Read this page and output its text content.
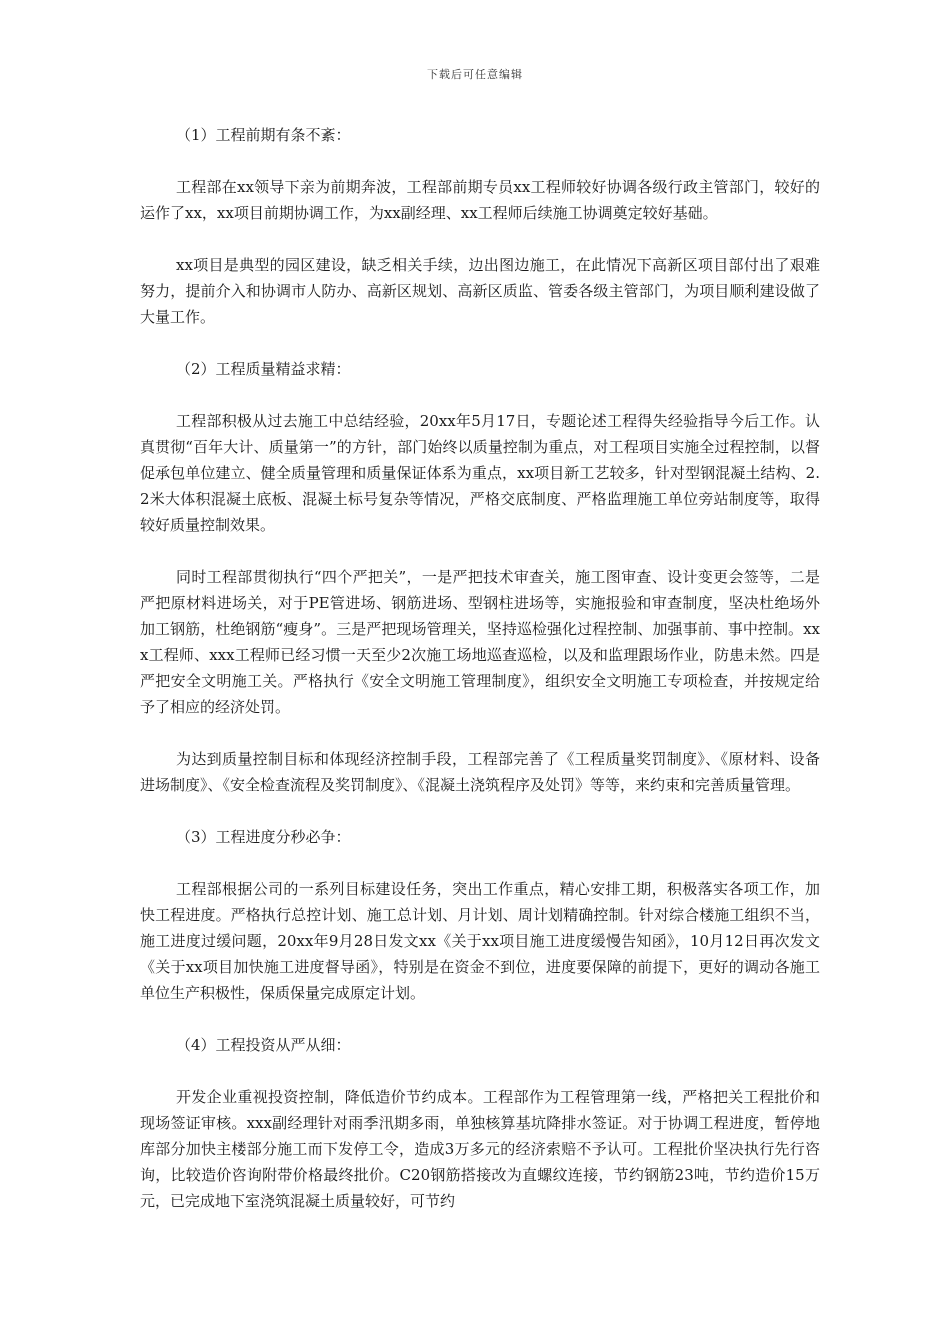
下载后可任意编辑

（1）工程前期有条不紊：

工程部在xx领导下亲为前期奔波，工程部前期专员xx工程师较好协调各级行政主管部门，较好的运作了xx，xx项目前期协调工作，为xx副经理、xx工程师后续施工协调奠定较好基础。

xx项目是典型的园区建设，缺乏相关手续，边出图边施工，在此情况下高新区项目部付出了艰难努力，提前介入和协调市人防办、高新区规划、高新区质监、管委各级主管部门，为项目顺利建设做了大量工作。

（2）工程质量精益求精：

工程部积极从过去施工中总结经验，20xx年5月17日，专题论述工程得失经验指导今后工作。认真贯彻“百年大计、质量第一”的方针，部门始终以质量控制为重点，对工程项目实施全过程控制，以督促承包单位建立、健全质量管理和质量保证体系为重点，xx项目新工艺较多，针对型钢混凝土结构、2.2米大体积混凝土底板、混凝土标号复杂等情况，严格交底制度、严格监理施工单位旁站制度等，取得较好质量控制效果。

同时工程部贯彻执行“四个严把关”，一是严把技术审查关，施工图审查、设计变更会签等，二是严把原材料进场关，对于PE管进场、钢筋进场、型钢柱进场等，实施报验和审查制度，坚决杜绝场外加工钢筋，杜绝钢筋“瘦身”。三是严把现场管理关，坚持巡检强化过程控制、加强事前、事中控制。xxx工程师、xxx工程师已经习惯一天至少2次施工场地巡查巡检，以及和监理跟场作业，防患未然。四是严把安全文明施工关。严格执行《安全文明施工管理制度》，组织安全文明施工专项检查，并按规定给予了相应的经济处罚。

为达到质量控制目标和体现经济控制手段，工程部完善了《工程质量奖罚制度》、《原材料、设备进场制度》、《安全检查流程及奖罚制度》、《混凝土浇筑程序及处罚》等等，来约束和完善质量管理。

（3）工程进度分秒必争：

工程部根据公司的一系列目标建设任务，突出工作重点，精心安排工期，积极落实各项工作，加快工程进度。严格执行总控计划、施工总计划、月计划、周计划精确控制。针对综合楼施工组织不当，施工进度过缓问题，20xx年9月28日发文xx《关于xx项目施工进度缓慢告知函》，10月12日再次发文《关于xx项目加快施工进度督导函》，特别是在资金不到位，进度要保障的前提下，更好的调动各施工单位生产积极性，保质保量完成原定计划。

（4）工程投资从严从细：

开发企业重视投资控制，降低造价节约成本。工程部作为工程管理第一线，严格把关工程批价和现场签证审核。xxx副经理针对雨季汛期多雨，单独核算基坑降排水签证。对于协调工程进度，暂停地库部分加快主楼部分施工而下发停工令，造成3万多元的经济索赔不予认可。工程批价坚决执行先行咨询，比较造价咨询附带价格最终批价。C20钢筋搭接改为直螺纹连接，节约钢筋23吨，节约造价15万元，已完成地下室浇筑混凝土质量较好，可节约
